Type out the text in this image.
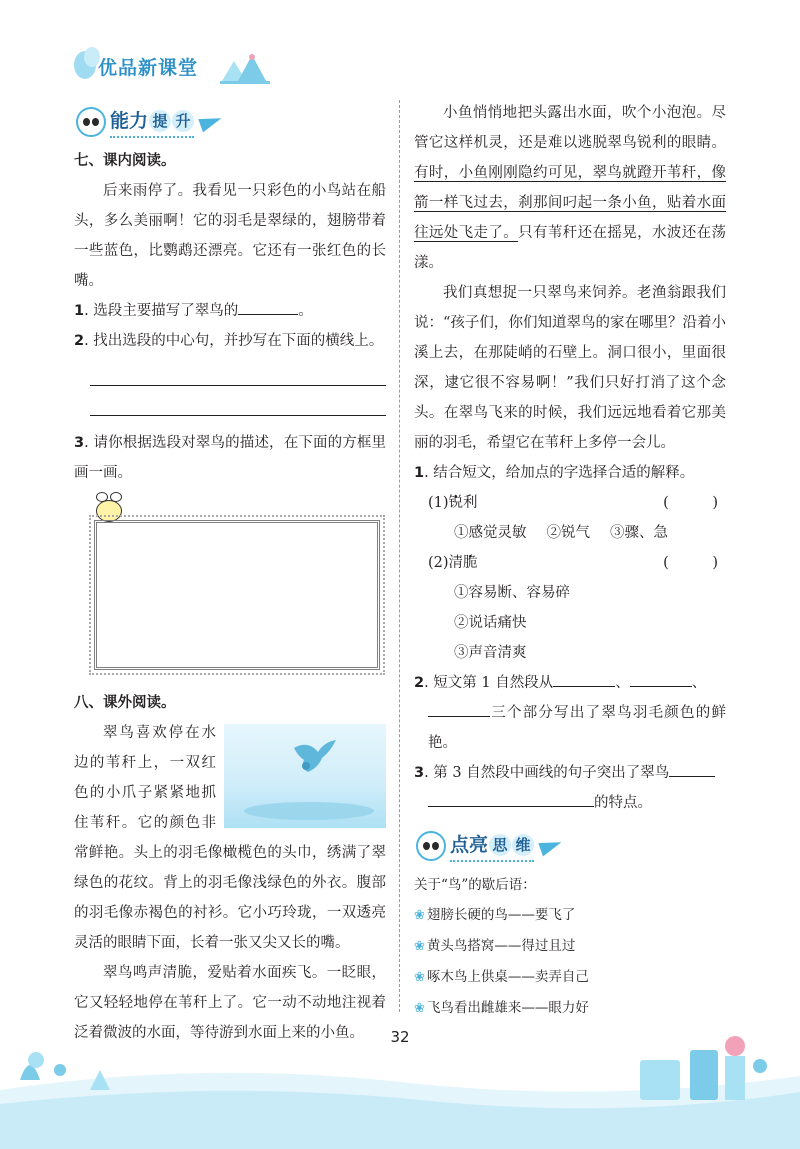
优品新课堂
能力 提 升
七、课内阅读。
后来雨停了。我看见一只彩色的小鸟站在船头，多么美丽啊！它的羽毛是翠绿的，翅膀带着一些蓝色，比鹦鹉还漂亮。它还有一张红色的长嘴。
1. 选段主要描写了翠鸟的	。
2. 找出选段的中心句，并抄写在下面的横线上。
3. 请你根据选段对翠鸟的描述，在下面的方框里画一画。
八、课外阅读。
翠鸟喜欢停在水边的苇秆上，一双红色的小爪子紧紧地抓住苇秆。它的颜色非常鲜艳。头上的羽毛像橄榄色的头巾，绣满了翠绿色的花纹。背上的羽毛像浅绿色的外衣。腹部的羽毛像赤褐色的衬衫。它小巧玲珑，一双透亮灵活的眼睛下面，长着一张又尖又长的嘴。
翠鸟鸣声清脆，爱贴着水面疾飞。一眨眼，它又轻轻地停在苇秆上了。它一动不动地注视着泛着微波的水面，等待游到水面上来的小鱼。
小鱼悄悄地把头露出水面，吹个小泡泡。尽管它这样机灵，还是难以逃脱翠鸟锐利的眼睛。有时，小鱼刚刚隐约可见，翠鸟就蹬开苇秆，像箭一样飞过去，刹那间叼起一条小鱼，贴着水面往远处飞走了。只有苇秆还在摇晃，水波还在荡漾。
我们真想捉一只翠鸟来饲养。老渔翁跟我们说：“孩子们，你们知道翠鸟的家在哪里？沿着小溪上去，在那陡峭的石壁上。洞口很小，里面很深，逮它很不容易啊！”我们只好打消了这个念头。在翠鸟飞来的时候，我们远远地看着它那美丽的羽毛，希望它在苇秆上多停一会儿。
1. 结合短文，给加点的字选择合适的解释。
(1)锐利	(　　　)
①感觉灵敏 ②锐气 ③骤、急
(2)清脆	(　　　)
①容易断、容易碎
②说话痛快
③声音清爽
2. 短文第 1 自然段从	、	、
三个部分写出了翠鸟羽毛颜色的鲜艳。
3. 第 3 自然段中画线的句子突出了翠鸟
的特点。
点亮 思 维
关于“鸟”的歇后语：
❀ 翅膀长硬的鸟——要飞了
❀ 黄头鸟搭窝——得过且过
❀ 啄木鸟上供桌——卖弄自己
❀ 飞鸟看出雌雄来——眼力好
32
